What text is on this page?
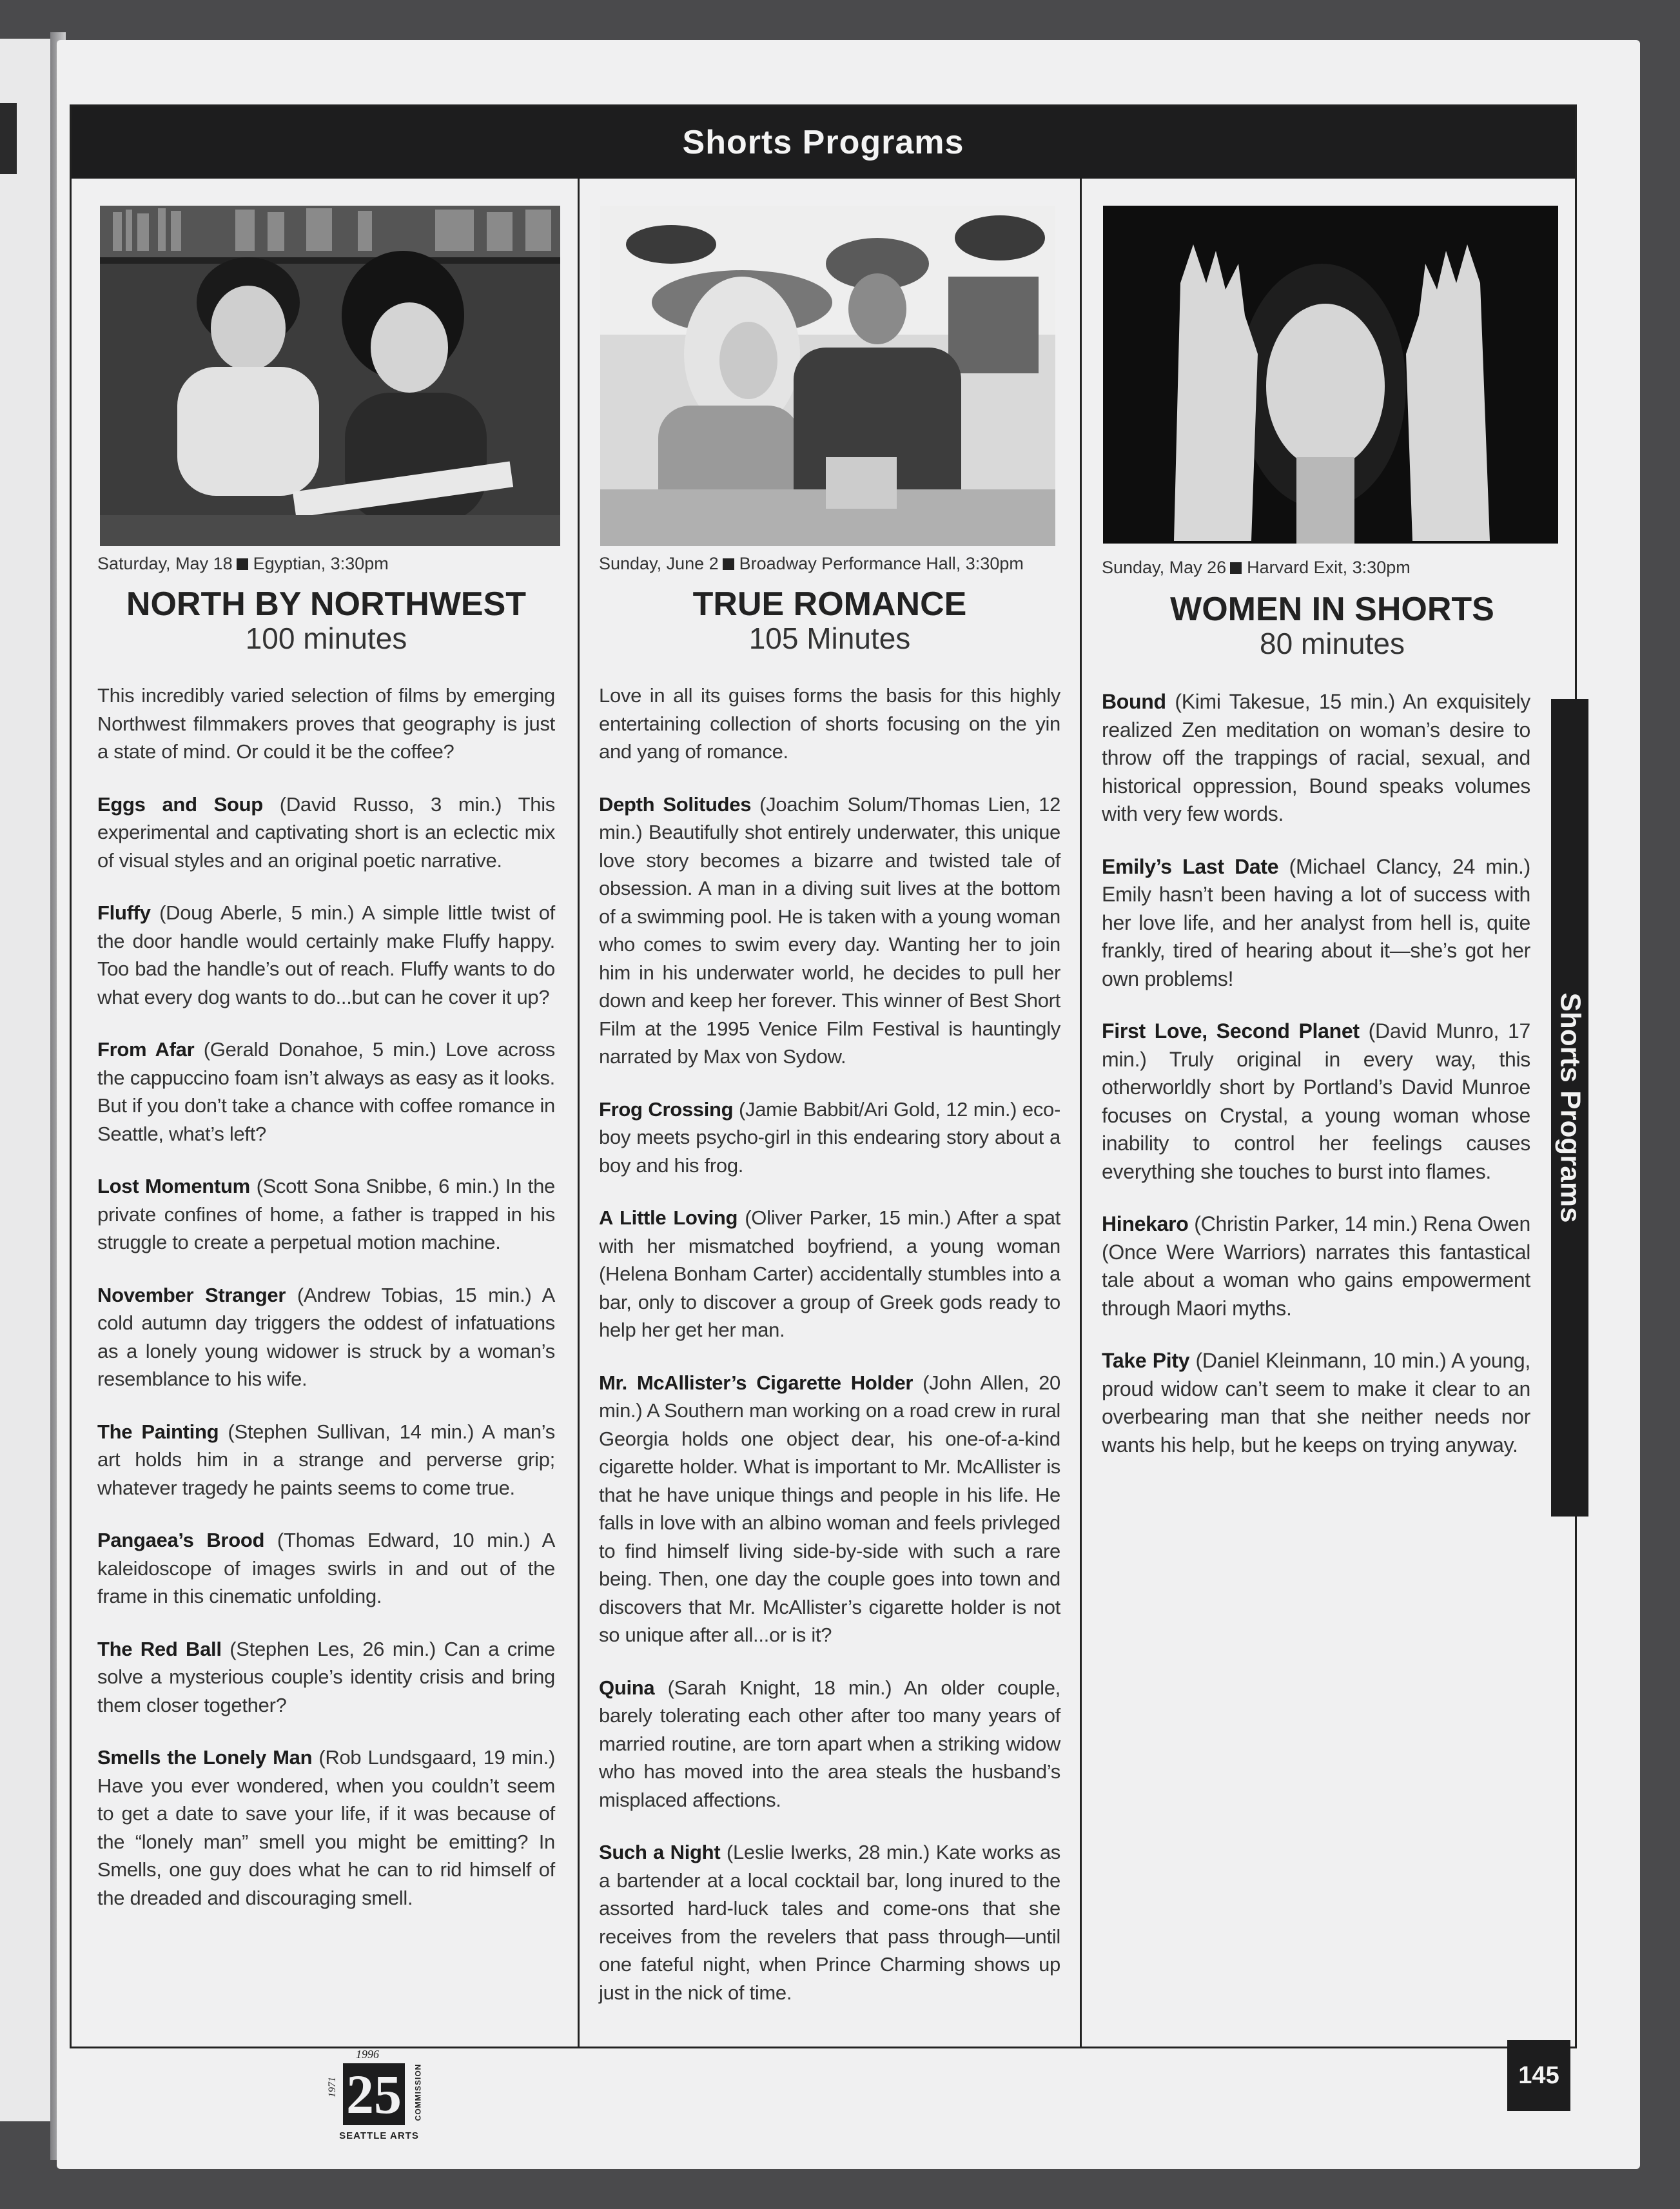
Shorts Programs
Saturday, May 18 Egyptian, 3:30pm
NORTH BY NORTHWEST
100 minutes

This incredibly varied selection of films by emerging Northwest filmmakers proves that geography is just a state of mind. Or could it be the coffee?

Eggs and Soup (David Russo, 3 min.) This experimental and captivating short is an eclectic mix of visual styles and an original poetic narrative.

Fluffy (Doug Aberle, 5 min.) A simple little twist of the door handle would certainly make Fluffy happy. Too bad the handle’s out of reach. Fluffy wants to do what every dog wants to do...but can he cover it up?

From Afar (Gerald Donahoe, 5 min.) Love across the cappuccino foam isn’t always as easy as it looks. But if you don’t take a chance with coffee romance in Seattle, what’s left?

Lost Momentum (Scott Sona Snibbe, 6 min.) In the private confines of home, a father is trapped in his struggle to create a perpetual motion machine.

November Stranger (Andrew Tobias, 15 min.) A cold autumn day triggers the oddest of infatuations as a lonely young widower is struck by a woman’s resemblance to his wife.

The Painting (Stephen Sullivan, 14 min.) A man’s art holds him in a strange and perverse grip; whatever tragedy he paints seems to come true.

Pangaea’s Brood (Thomas Edward, 10 min.) A kaleidoscope of images swirls in and out of the frame in this cinematic unfolding.

The Red Ball (Stephen Les, 26 min.) Can a crime solve a mysterious couple’s identity crisis and bring them closer together?

Smells the Lonely Man (Rob Lundsgaard, 19 min.) Have you ever wondered, when you couldn’t seem to get a date to save your life, if it was because of the “lonely man” smell you might be emitting? In Smells, one guy does what he can to rid himself of the dreaded and discouraging smell.

Sunday, June 2 Broadway Performance Hall, 3:30pm
TRUE ROMANCE
105 Minutes

Love in all its guises forms the basis for this highly entertaining collection of shorts focusing on the yin and yang of romance.

Depth Solitudes (Joachim Solum/Thomas Lien, 12 min.) Beautifully shot entirely underwater, this unique love story becomes a bizarre and twisted tale of obsession. A man in a diving suit lives at the bottom of a swimming pool. He is taken with a young woman who comes to swim every day. Wanting her to join him in his underwater world, he decides to pull her down and keep her forever. This winner of Best Short Film at the 1995 Venice Film Festival is hauntingly narrated by Max von Sydow.

Frog Crossing (Jamie Babbit/Ari Gold, 12 min.) eco-boy meets psycho-girl in this endearing story about a boy and his frog.

A Little Loving (Oliver Parker, 15 min.) After a spat with her mismatched boyfriend, a young woman (Helena Bonham Carter) accidentally stumbles into a bar, only to discover a group of Greek gods ready to help her get her man.

Mr. McAllister’s Cigarette Holder (John Allen, 20 min.) A Southern man working on a road crew in rural Georgia holds one object dear, his one-of-a-kind cigarette holder. What is important to Mr. McAllister is that he have unique things and people in his life. He falls in love with an albino woman and feels privleged to find himself living side-by-side with such a rare being. Then, one day the couple goes into town and discovers that Mr. McAllister’s cigarette holder is not so unique after all...or is it?

Quina (Sarah Knight, 18 min.) An older couple, barely tolerating each other after too many years of married routine, are torn apart when a striking widow who has moved into the area steals the husband’s misplaced affections.

Such a Night (Leslie Iwerks, 28 min.) Kate works as a bartender at a local cocktail bar, long inured to the assorted hard-luck tales and come-ons that she receives from the revelers that pass through—until one fateful night, when Prince Charming shows up just in the nick of time.

Sunday, May 26 Harvard Exit, 3:30pm
WOMEN IN SHORTS
80 minutes

Bound (Kimi Takesue, 15 min.) An exquisitely realized Zen meditation on woman’s desire to throw off the trappings of racial, sexual, and historical oppression, Bound speaks volumes with very few words.

Emily’s Last Date (Michael Clancy, 24 min.) Emily hasn’t been having a lot of success with her love life, and her analyst from hell is, quite frankly, tired of hearing about it—she’s got her own problems!

First Love, Second Planet (David Munro, 17 min.) Truly original in every way, this otherworldly short by Portland’s David Munroe focuses on Crystal, a young woman whose inability to control her feelings causes everything she touches to burst into flames.

Hinekaro (Christin Parker, 14 min.) Rena Owen (Once Were Warriors) narrates this fantastical tale about a woman who gains empowerment through Maori myths.

Take Pity (Daniel Kleinmann, 10 min.) A young, proud widow can’t seem to make it clear to an overbearing man that she neither needs nor wants his help, but he keeps on trying anyway.

Shorts Programs
145
1996
1971 25	COMMISSION
SEATTLE ARTS
